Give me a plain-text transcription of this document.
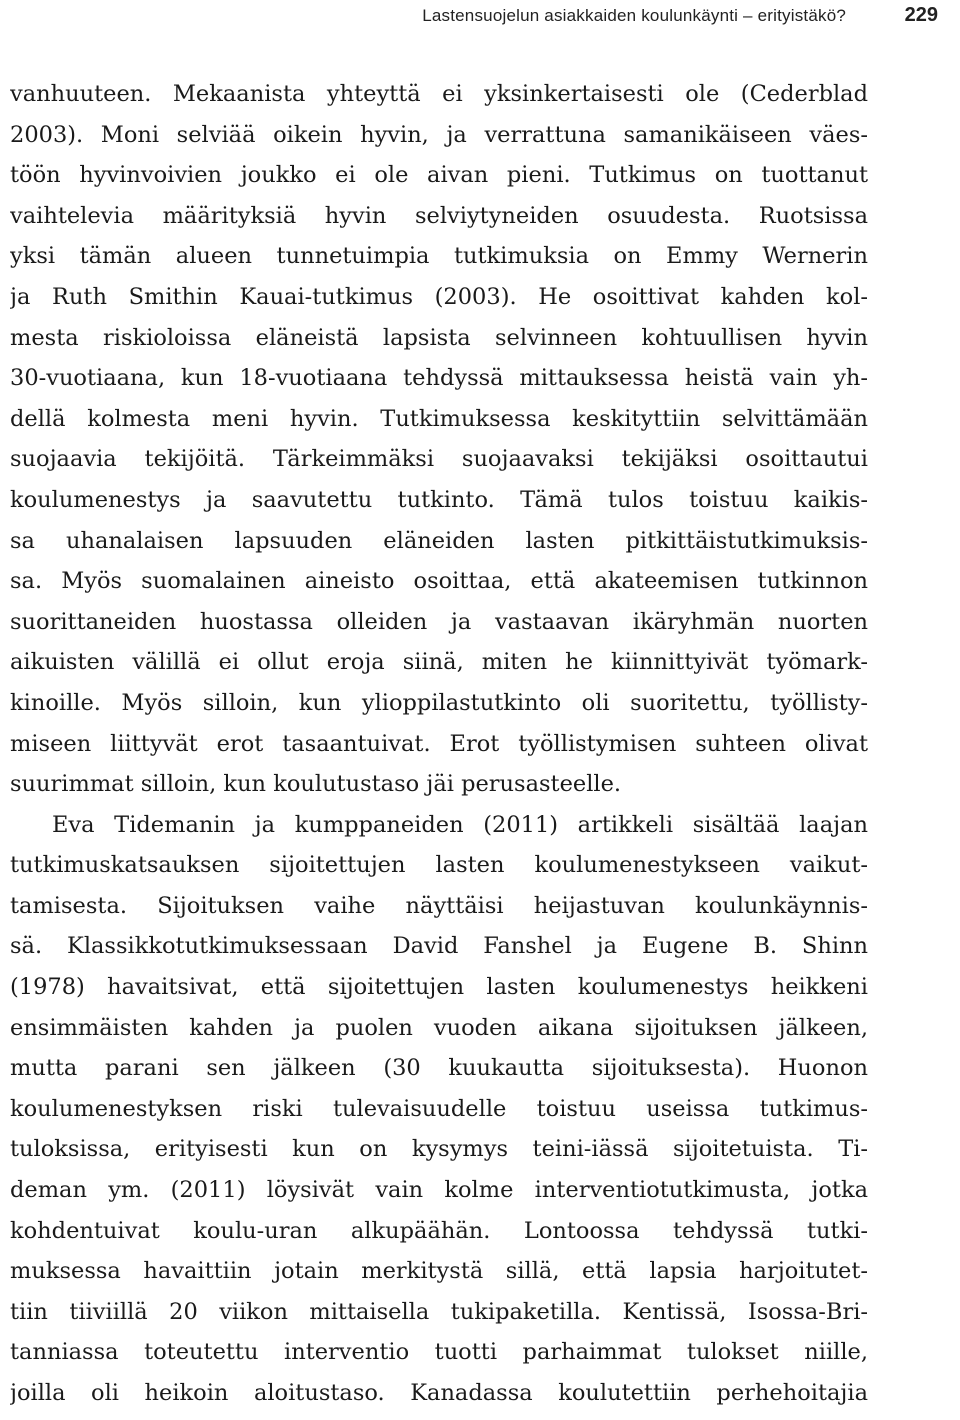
Lastensuojelun asiakkaiden koulunkäynti – erityistäkö?	229
vanhuuteen. Mekaanista yhteyttä ei yksinkertaisesti ole (Cederblad
2003). Moni selviää oikein hyvin, ja verrattuna samanikäiseen väes-
töön hyvinvoivien joukko ei ole aivan pieni. Tutkimus on tuottanut
vaihtelevia määrityksiä hyvin selviytyneiden osuudesta. Ruotsissa
yksi tämän alueen tunnetuimpia tutkimuksia on Emmy Wernerin
ja Ruth Smithin Kauai-tutkimus (2003). He osoittivat kahden kol-
mesta riskioloissa eläneistä lapsista selvinneen kohtuullisen hyvin
30-vuotiaana, kun 18-vuotiaana tehdyssä mittauksessa heistä vain yh-
dellä kolmesta meni hyvin. Tutkimuksessa keskityttiin selvittämään
suojaavia tekijöitä. Tärkeimmäksi suojaavaksi tekijäksi osoittautui
koulumenestys ja saavutettu tutkinto. Tämä tulos toistuu kaikis-
sa uhanalaisen lapsuuden eläneiden lasten pitkittäistutkimuksis-
sa. Myös suomalainen aineisto osoittaa, että akateemisen tutkinnon
suorittaneiden huostassa olleiden ja vastaavan ikäryhmän nuorten
aikuisten välillä ei ollut eroja siinä, miten he kiinnittyivät työmark-
kinoille. Myös silloin, kun ylioppilastutkinto oli suoritettu, työllisty-
miseen liittyvät erot tasaantuivat. Erot työllistymisen suhteen olivat
suurimmat silloin, kun koulutustaso jäi perusasteelle.
Eva Tidemanin ja kumppaneiden (2011) artikkeli sisältää laajan
tutkimuskatsauksen sijoitettujen lasten koulumenestykseen vaikut-
tamisesta. Sijoituksen vaihe näyttäisi heijastuvan koulunkäynnis-
sä. Klassikkotutkimuksessaan David Fanshel ja Eugene B. Shinn
(1978) havaitsivat, että sijoitettujen lasten koulumenestys heikkeni
ensimmäisten kahden ja puolen vuoden aikana sijoituksen jälkeen,
mutta parani sen jälkeen (30 kuukautta sijoituksesta). Huonon
koulumenestyksen riski tulevaisuudelle toistuu useissa tutkimus-
tuloksissa, erityisesti kun on kysymys teini-iässä sijoitetuista. Ti-
deman ym. (2011) löysivät vain kolme interventiotutkimusta, jotka
kohdentuivat koulu-uran alkupäähän. Lontoossa tehdyssä tutki-
muksessa havaittiin jotain merkitystä sillä, että lapsia harjoitutet-
tiin tiiviillä 20 viikon mittaisella tukipaketilla. Kentissä, Isossa-Bri-
tanniassa toteutettu interventio tuotti parhaimmat tulokset niille,
joilla oli heikoin aloitustaso. Kanadassa koulutettiin perhehoitajia
